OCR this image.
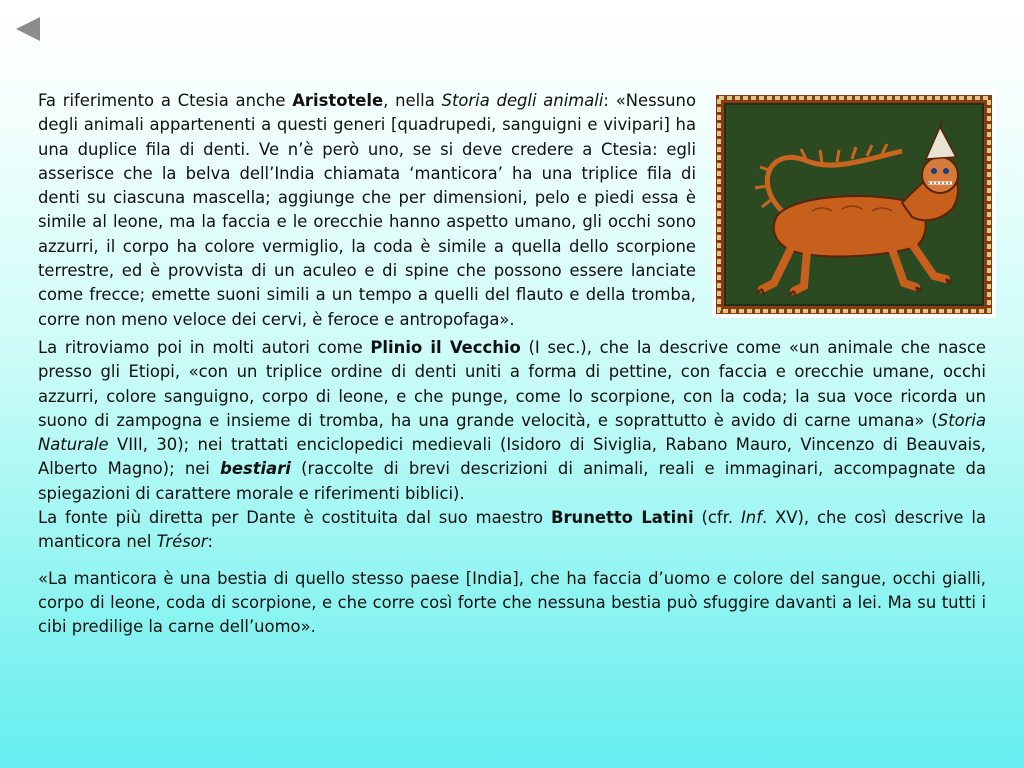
Fa riferimento a Ctesia anche Aristotele, nella Storia degli animali: «Nessuno degli animali appartenenti a questi generi [quadrupedi, sanguigni e vivipari] ha una duplice fila di denti. Ve n’è però uno, se si deve credere a Ctesia: egli asserisce che la belva dell’India chiamata ‘manticora’ ha una triplice fila di denti su ciascuna mascella; aggiunge che per dimensioni, pelo e piedi essa è simile al leone, ma la faccia e le orecchie hanno aspetto umano, gli occhi sono azzurri, il corpo ha colore vermiglio, la coda è simile a quella dello scorpione terrestre, ed è provvista di un aculeo e di spine che possono essere lanciate come frecce; emette suoni simili a un tempo a quelli del flauto e della tromba, corre non meno veloce dei cervi, è feroce e antropofaga».

La ritroviamo poi in molti autori come Plinio il Vecchio (I sec.), che la descrive come «un animale che nasce presso gli Etiopi, «con un triplice ordine di denti uniti a forma di pettine, con faccia e orecchie umane, occhi azzurri, colore sanguigno, corpo di leone, e che punge, come lo scorpione, con la coda; la sua voce ricorda un suono di zampogna e insieme di tromba, ha una grande velocità, e soprattutto è avido di carne umana» (Storia Naturale VIII, 30); nei trattati enciclopedici medievali (Isidoro di Siviglia, Rabano Mauro, Vincenzo di Beauvais, Alberto Magno); nei bestiari (raccolte di brevi descrizioni di animali, reali e immaginari, accompagnate da spiegazioni di carattere morale e riferimenti biblici).

La fonte più diretta per Dante è costituita dal suo maestro Brunetto Latini (cfr. Inf. XV), che così descrive la manticora nel Trésor:

«La manticora è una bestia di quello stesso paese [India], che ha faccia d’uomo e colore del sangue, occhi gialli, corpo di leone, coda di scorpione, e che corre così forte che nessuna bestia può sfuggire davanti a lei. Ma su tutti i cibi predilige la carne dell’uomo».
